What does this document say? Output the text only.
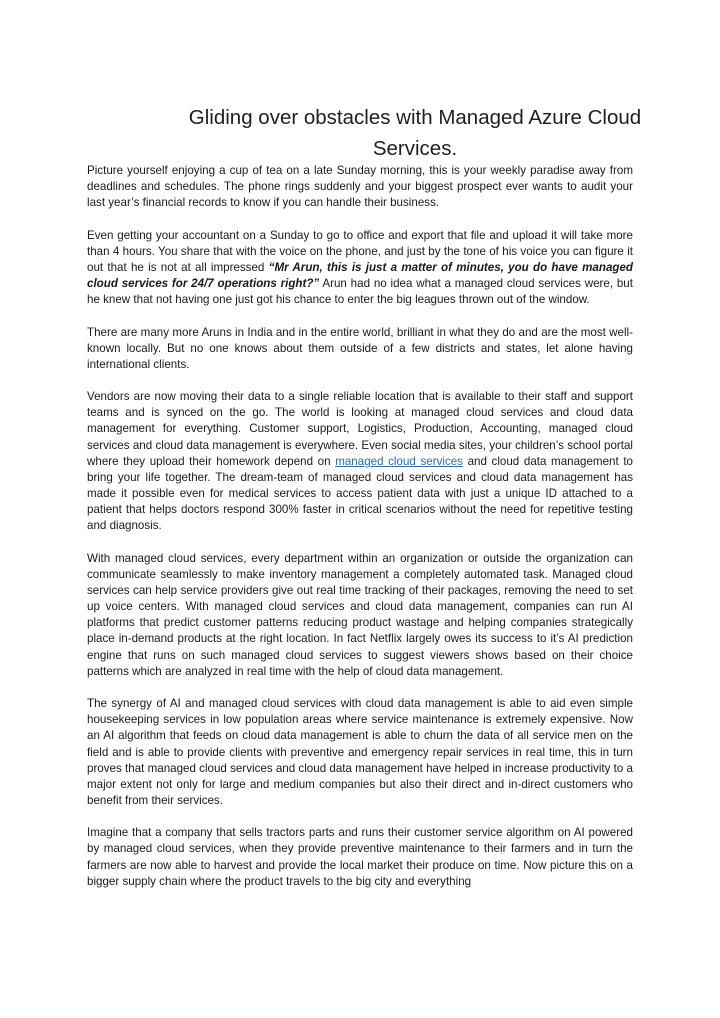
Gliding over obstacles with Managed Azure Cloud Services.

Picture yourself enjoying a cup of tea on a late Sunday morning, this is your weekly paradise away from deadlines and schedules. The phone rings suddenly and your biggest prospect ever wants to audit your last year’s financial records to know if you can handle their business.

Even getting your accountant on a Sunday to go to office and export that file and upload it will take more than 4 hours. You share that with the voice on the phone, and just by the tone of his voice you can figure it out that he is not at all impressed “Mr Arun, this is just a matter of minutes, you do have managed cloud services for 24/7 operations right?” Arun had no idea what a managed cloud services were, but he knew that not having one just got his chance to enter the big leagues thrown out of the window.

There are many more Aruns in India and in the entire world, brilliant in what they do and are the most well-known locally. But no one knows about them outside of a few districts and states, let alone having international clients.

Vendors are now moving their data to a single reliable location that is available to their staff and support teams and is synced on the go. The world is looking at managed cloud services and cloud data management for everything. Customer support, Logistics, Production, Accounting, managed cloud services and cloud data management is everywhere. Even social media sites, your children’s school portal where they upload their homework depend on managed cloud services and cloud data management to bring your life together. The dream-team of managed cloud services and cloud data management has made it possible even for medical services to access patient data with just a unique ID attached to a patient that helps doctors respond 300% faster in critical scenarios without the need for repetitive testing and diagnosis.

With managed cloud services, every department within an organization or outside the organization can communicate seamlessly to make inventory management a completely automated task. Managed cloud services can help service providers give out real time tracking of their packages, removing the need to set up voice centers. With managed cloud services and cloud data management, companies can run AI platforms that predict customer patterns reducing product wastage and helping companies strategically place in-demand products at the right location. In fact Netflix largely owes its success to it’s AI prediction engine that runs on such managed cloud services to suggest viewers shows based on their choice patterns which are analyzed in real time with the help of cloud data management.

The synergy of AI and managed cloud services with cloud data management is able to aid even simple housekeeping services in low population areas where service maintenance is extremely expensive. Now an AI algorithm that feeds on cloud data management is able to churn the data of all service men on the field and is able to provide clients with preventive and emergency repair services in real time, this in turn proves that managed cloud services and cloud data management have helped in increase productivity to a major extent not only for large and medium companies but also their direct and in-direct customers who benefit from their services.

Imagine that a company that sells tractors parts and runs their customer service algorithm on AI powered by managed cloud services, when they provide preventive maintenance to their farmers and in turn the farmers are now able to harvest and provide the local market their produce on time. Now picture this on a bigger supply chain where the product travels to the big city and everything
